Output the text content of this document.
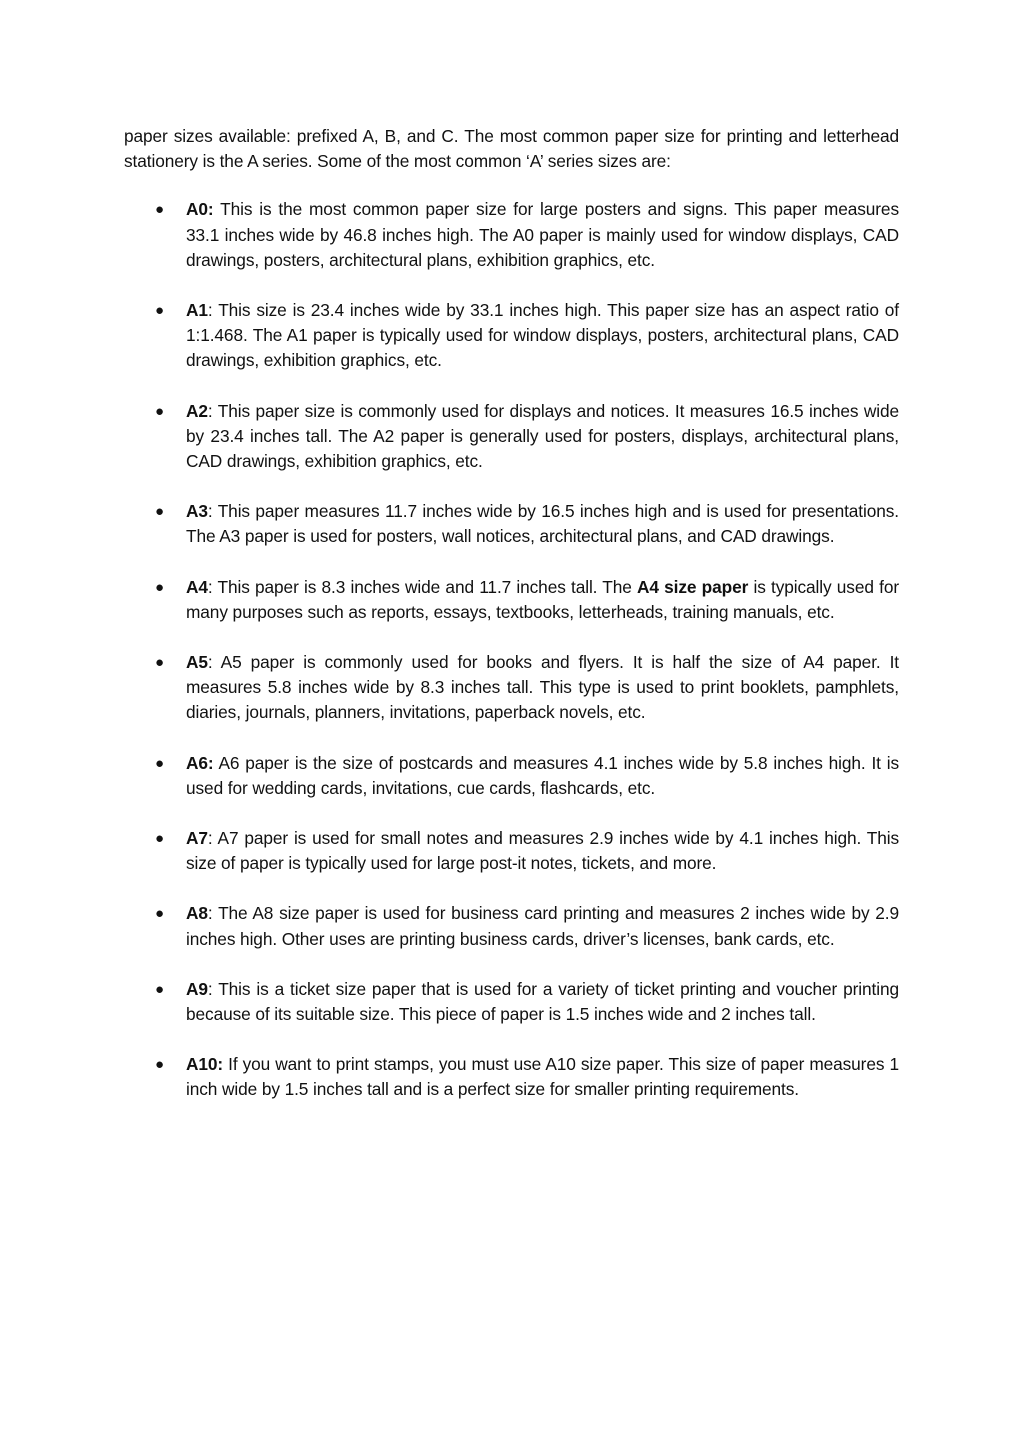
paper sizes available: prefixed A, B, and C. The most common paper size for printing and letterhead stationery is the A series. Some of the most common ‘A’ series sizes are:

● A0: This is the most common paper size for large posters and signs. This paper measures 33.1 inches wide by 46.8 inches high. The A0 paper is mainly used for window displays, CAD drawings, posters, architectural plans, exhibition graphics, etc.
● A1: This size is 23.4 inches wide by 33.1 inches high. This paper size has an aspect ratio of 1:1.468. The A1 paper is typically used for window displays, posters, architectural plans, CAD drawings, exhibition graphics, etc.
● A2: This paper size is commonly used for displays and notices. It measures 16.5 inches wide by 23.4 inches tall. The A2 paper is generally used for posters, displays, architectural plans, CAD drawings, exhibition graphics, etc.
● A3: This paper measures 11.7 inches wide by 16.5 inches high and is used for presentations. The A3 paper is used for posters, wall notices, architectural plans, and CAD drawings.
● A4: This paper is 8.3 inches wide and 11.7 inches tall. The A4 size paper is typically used for many purposes such as reports, essays, textbooks, letterheads, training manuals, etc.
● A5: A5 paper is commonly used for books and flyers. It is half the size of A4 paper. It measures 5.8 inches wide by 8.3 inches tall. This type is used to print booklets, pamphlets, diaries, journals, planners, invitations, paperback novels, etc.
● A6: A6 paper is the size of postcards and measures 4.1 inches wide by 5.8 inches high. It is used for wedding cards, invitations, cue cards, flashcards, etc.
● A7: A7 paper is used for small notes and measures 2.9 inches wide by 4.1 inches high. This size of paper is typically used for large post-it notes, tickets, and more.
● A8: The A8 size paper is used for business card printing and measures 2 inches wide by 2.9 inches high. Other uses are printing business cards, driver’s licenses, bank cards, etc.
● A9: This is a ticket size paper that is used for a variety of ticket printing and voucher printing because of its suitable size. This piece of paper is 1.5 inches wide and 2 inches tall.
● A10: If you want to print stamps, you must use A10 size paper. This size of paper measures 1 inch wide by 1.5 inches tall and is a perfect size for smaller printing requirements.
